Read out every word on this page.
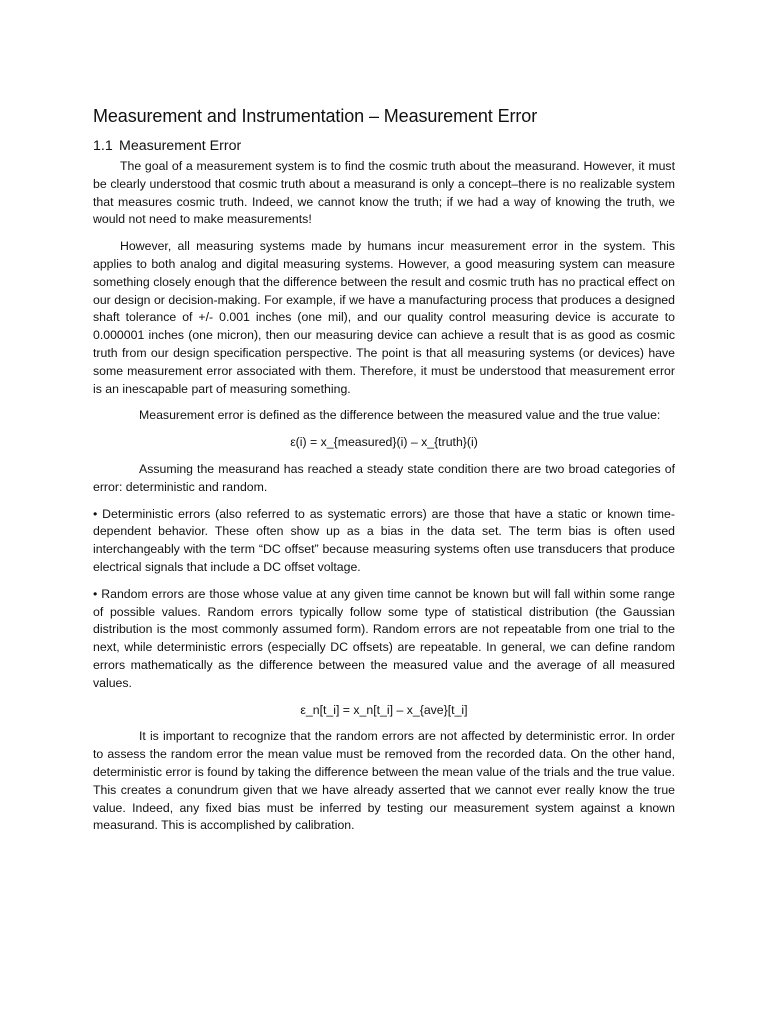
Measurement and Instrumentation – Measurement Error
1.1 Measurement Error

The goal of a measurement system is to find the cosmic truth about the measurand. However, it must be clearly understood that cosmic truth about a measurand is only a concept–there is no realizable system that measures cosmic truth. Indeed, we cannot know the truth; if we had a way of knowing the truth, we would not need to make measurements!

However, all measuring systems made by humans incur measurement error in the system. This applies to both analog and digital measuring systems. However, a good measuring system can measure something closely enough that the difference between the result and cosmic truth has no practical effect on our design or decision-making. For example, if we have a manufacturing process that produces a designed shaft tolerance of +/- 0.001 inches (one mil), and our quality control measuring device is accurate to 0.000001 inches (one micron), then our measuring device can achieve a result that is as good as cosmic truth from our design specification perspective. The point is that all measuring systems (or devices) have some measurement error associated with them. Therefore, it must be understood that measurement error is an inescapable part of measuring something.

Measurement error is defined as the difference between the measured value and the true value:

ε(i) = x_{measured}(i) – x_{truth}(i)

Assuming the measurand has reached a steady state condition there are two broad categories of error: deterministic and random.

• Deterministic errors (also referred to as systematic errors) are those that have a static or known time-dependent behavior. These often show up as a bias in the data set. The term bias is often used interchangeably with the term “DC offset” because measuring systems often use transducers that produce electrical signals that include a DC offset voltage.

• Random errors are those whose value at any given time cannot be known but will fall within some range of possible values. Random errors typically follow some type of statistical distribution (the Gaussian distribution is the most commonly assumed form). Random errors are not repeatable from one trial to the next, while deterministic errors (especially DC offsets) are repeatable. In general, we can define random errors mathematically as the difference between the measured value and the average of all measured values.

ε_n[t_i] = x_n[t_i] – x_{ave}[t_i]

It is important to recognize that the random errors are not affected by deterministic error. In order to assess the random error the mean value must be removed from the recorded data. On the other hand, deterministic error is found by taking the difference between the mean value of the trials and the true value. This creates a conundrum given that we have already asserted that we cannot ever really know the true value. Indeed, any fixed bias must be inferred by testing our measurement system against a known measurand. This is accomplished by calibration.
